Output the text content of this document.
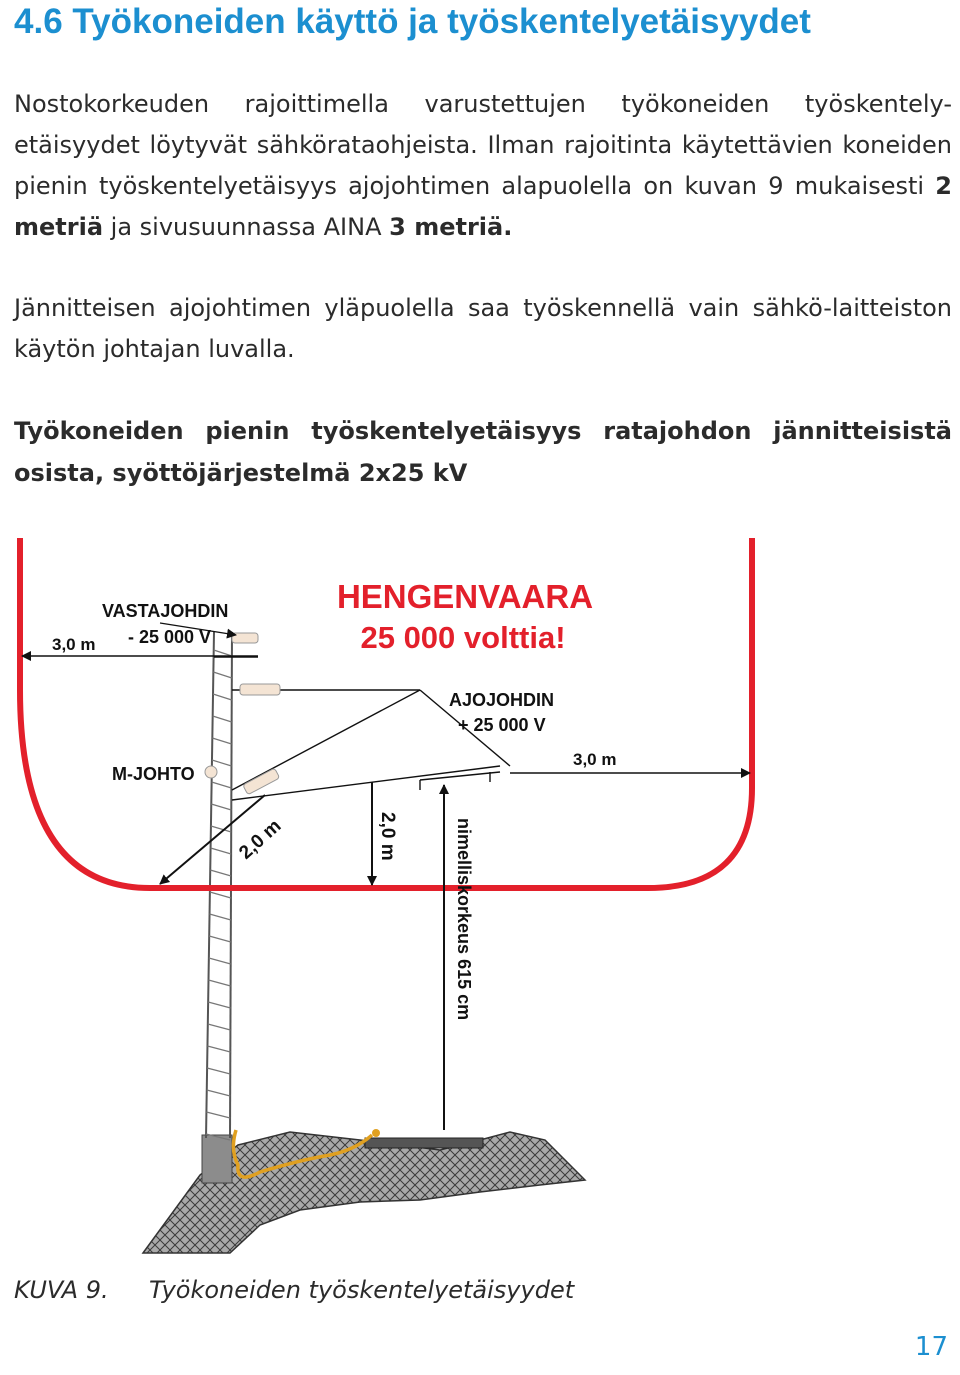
4.6 Työkoneiden käyttö ja työskentelyetäisyydet

Nostokorkeuden rajoittimella varustettujen työkoneiden työskentely-etäisyydet löytyvät sähkörataohjeista. Ilman rajoitinta käytettävien koneiden pienin työskentelyetäisyys ajojohtimen alapuolella on kuvan 9 mukaisesti 2 metriä ja sivusuunnassa AINA 3 metriä.

Jännitteisen ajojohtimen yläpuolella saa työskennellä vain sähkö-laitteiston käytön johtajan luvalla.

Työkoneiden pienin työskentelyetäisyys ratajohdon jännitteisistä osista, syöttöjärjestelmä 2x25 kV

HENGENVAARA
25 000 volttia!
VASTAJOHDIN
- 25 000 V
3,0 m
AJOJOHDIN
+ 25 000 V
3,0 m
M-JOHTO
2,0 m	2,0 m	nimelliskorkeus 615 cm

KUVA 9. Työkoneiden työskentelyetäisyydet

17
